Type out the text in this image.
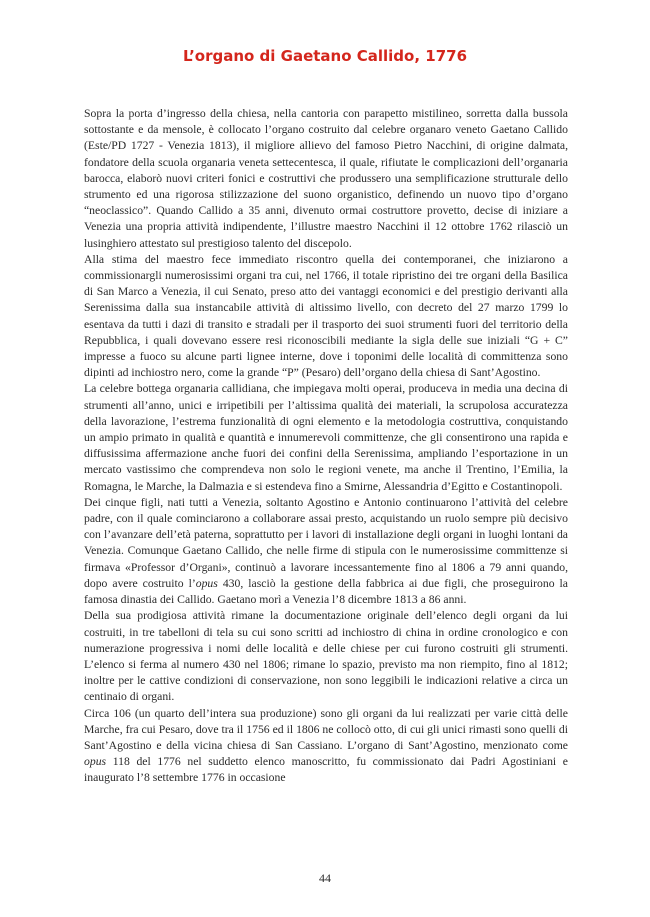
L’organo di Gaetano Callido, 1776

Sopra la porta d’ingresso della chiesa, nella cantoria con parapetto mistilineo, sorretta dalla bussola sottostante e da mensole, è collocato l’organo costruito dal celebre organaro veneto Gaetano Callido (Este/PD 1727 - Venezia 1813), il migliore allievo del famoso Pietro Nacchini, di origine dalmata, fondatore della scuola organaria veneta settecentesca, il quale, rifiutate le complicazioni dell’organaria barocca, elaborò nuovi criteri fonici e costruttivi che produssero una semplificazione strutturale dello strumento ed una rigorosa stilizzazione del suono organistico, definendo un nuovo tipo d’organo “neoclassico”. Quando Callido a 35 anni, divenuto ormai costruttore provetto, decise di iniziare a Venezia una propria attività indipendente, l’illustre maestro Nacchini il 12 ottobre 1762 rilasciò un lusinghiero attestato sul prestigioso talento del discepolo.

Alla stima del maestro fece immediato riscontro quella dei contemporanei, che iniziarono a commissionargli numerosissimi organi tra cui, nel 1766, il totale ripristino dei tre organi della Basilica di San Marco a Venezia, il cui Senato, preso atto dei vantaggi economici e del prestigio derivanti alla Serenissima dalla sua instancabile attività di altissimo livello, con decreto del 27 marzo 1799 lo esentava da tutti i dazi di transito e stradali per il trasporto dei suoi strumenti fuori del territorio della Repubblica, i quali dovevano essere resi riconoscibili mediante la sigla delle sue iniziali “G + C” impresse a fuoco su alcune parti lignee interne, dove i toponimi delle località di committenza sono dipinti ad inchiostro nero, come la grande “P” (Pesaro) dell’organo della chiesa di Sant’Agostino.

La celebre bottega organaria callidiana, che impiegava molti operai, produceva in media una decina di strumenti all’anno, unici e irripetibili per l’altissima qualità dei materiali, la scrupolosa accuratezza della lavorazione, l’estrema funzionalità di ogni elemento e la metodologia costruttiva, conquistando un ampio primato in qualità e quantità e innumerevoli committenze, che gli consentirono una rapida e diffusissima affermazione anche fuori dei confini della Serenissima, ampliando l’esportazione in un mercato vastissimo che comprendeva non solo le regioni venete, ma anche il Trentino, l’Emilia, la Romagna, le Marche, la Dalmazia e si estendeva fino a Smirne, Alessandria d’Egitto e Costantinopoli.

Dei cinque figli, nati tutti a Venezia, soltanto Agostino e Antonio continuarono l’attività del celebre padre, con il quale cominciarono a collaborare assai presto, acquistando un ruolo sempre più decisivo con l’avanzare dell’età paterna, soprattutto per i lavori di installazione degli organi in luoghi lontani da Venezia. Comunque Gaetano Callido, che nelle firme di stipula con le numerosissime committenze si firmava «Professor d’Organi», continuò a lavorare incessantemente fino al 1806 a 79 anni quando, dopo avere costruito l’opus 430, lasciò la gestione della fabbrica ai due figli, che proseguirono la famosa dinastia dei Callido. Gaetano morì a Venezia l’8 dicembre 1813 a 86 anni.

Della sua prodigiosa attività rimane la documentazione originale dell’elenco degli organi da lui costruiti, in tre tabelloni di tela su cui sono scritti ad inchiostro di china in ordine cronologico e con numerazione progressiva i nomi delle località e delle chiese per cui furono costruiti gli strumenti. L’elenco si ferma al numero 430 nel 1806; rimane lo spazio, previsto ma non riempito, fino al 1812; inoltre per le cattive condizioni di conservazione, non sono leggibili le indicazioni relative a circa un centinaio di organi.

Circa 106 (un quarto dell’intera sua produzione) sono gli organi da lui realizzati per varie città delle Marche, fra cui Pesaro, dove tra il 1756 ed il 1806 ne collocò otto, di cui gli unici rimasti sono quelli di Sant’Agostino e della vicina chiesa di San Cassiano. L’organo di Sant’Agostino, menzionato come opus 118 del 1776 nel suddetto elenco manoscritto, fu commissionato dai Padri Agostiniani e inaugurato l’8 settembre 1776 in occasione

44
